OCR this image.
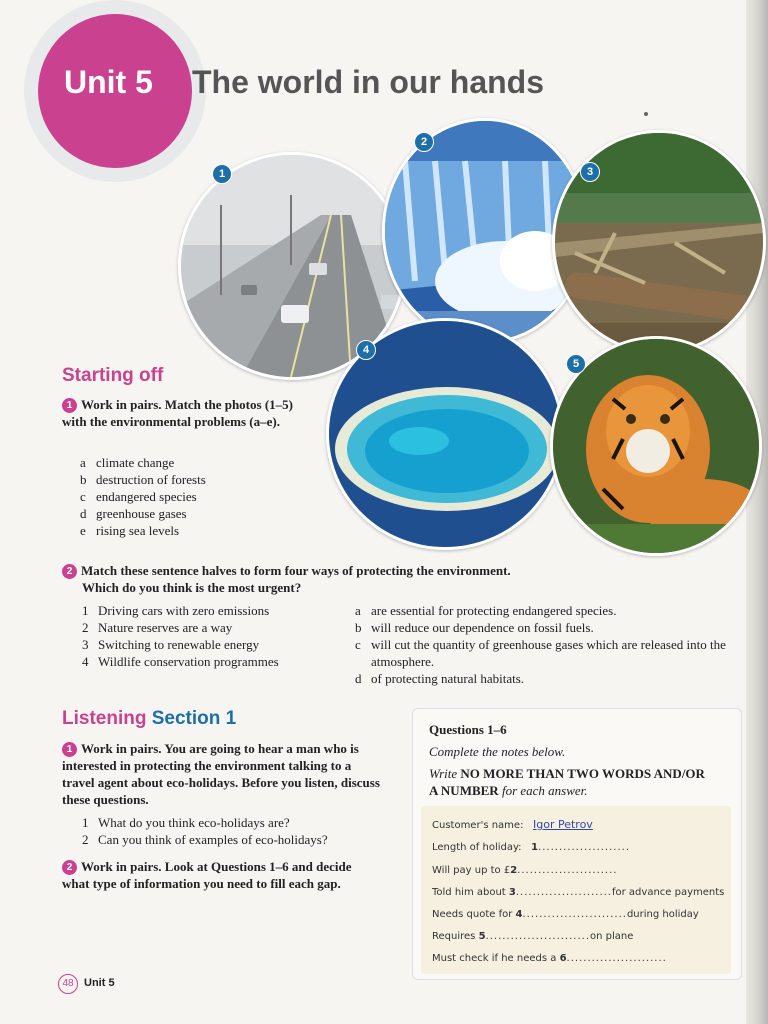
Unit 5 The world in our hands
1
2
3
4
5
Starting off
1 Work in pairs. Match the photos (1–5) with the environmental problems (a–e).
a climate change
b destruction of forests
c endangered species
d greenhouse gases
e rising sea levels
2 Match these sentence halves to form four ways of protecting the environment.
Which do you think is the most urgent?
1 Driving cars with zero emissions
2 Nature reserves are a way
3 Switching to renewable energy
4 Wildlife conservation programmes
a are essential for protecting endangered species.
b will reduce our dependence on fossil fuels.
c will cut the quantity of greenhouse gases which are released into the atmosphere.
d of protecting natural habitats.
Listening Section 1
1 Work in pairs. You are going to hear a man who is interested in protecting the environment talking to a travel agent about eco-holidays. Before you listen, discuss these questions.
1 What do you think eco-holidays are?
2 Can you think of examples of eco-holidays?
2 Work in pairs. Look at Questions 1–6 and decide what type of information you need to fill each gap.
Questions 1–6
Complete the notes below.
Write NO MORE THAN TWO WORDS AND/OR
A NUMBER for each answer.
Customer's name: Igor Petrov
Length of holiday: 1......................
Will pay up to £2........................
Told him about 3.......................for advance payments
Needs quote for 4.........................during holiday
Requires 5.........................on plane
Must check if he needs a 6........................
48 Unit 5
